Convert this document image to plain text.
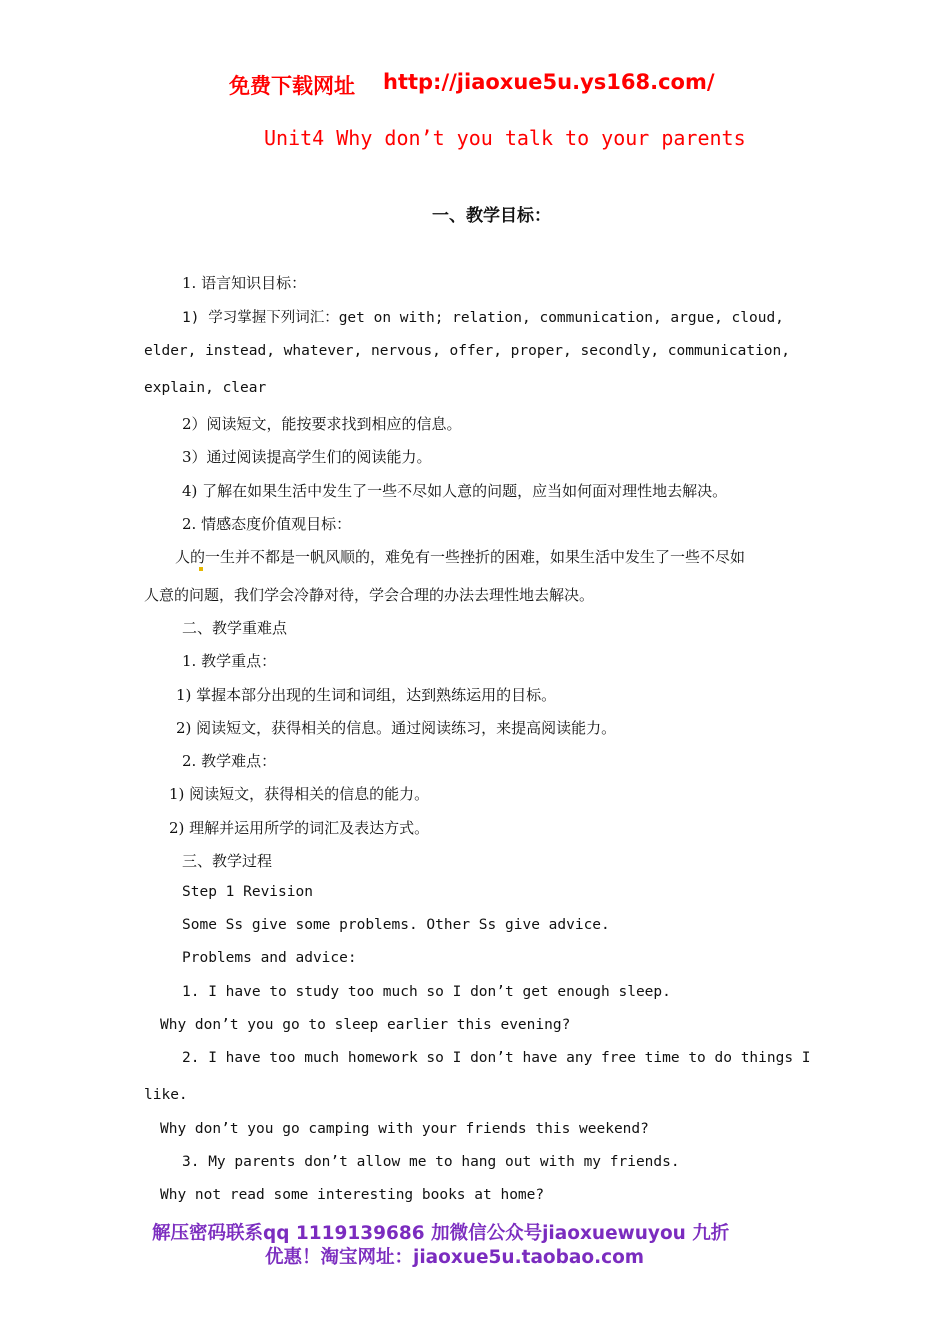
免费下载网址 http://jiaoxue5u.ys168.com/
Unit4 Why don’t you talk to your parents
一、教学目标：
1. 语言知识目标：
1) 学习掌握下列词汇：get on with; relation, communication, argue, cloud,
elder, instead, whatever, nervous, offer, proper, secondly, communication,
explain, clear
2）阅读短文，能按要求找到相应的信息。
3）通过阅读提高学生们的阅读能力。
4) 了解在如果生活中发生了一些不尽如人意的问题，应当如何面对理性地去解决。
2. 情感态度价值观目标：
人的一生并不都是一帆风顺的，难免有一些挫折的困难，如果生活中发生了一些不尽如
人意的问题，我们学会冷静对待，学会合理的办法去理性地去解决。
二、教学重难点
1. 教学重点：
1) 掌握本部分出现的生词和词组，达到熟练运用的目标。
2) 阅读短文，获得相关的信息。通过阅读练习，来提高阅读能力。
2. 教学难点：
1) 阅读短文，获得相关的信息的能力。
2) 理解并运用所学的词汇及表达方式。
三、教学过程
Step 1 Revision
Some Ss give some problems. Other Ss give advice.
Problems and advice:
1. I have to study too much so I don’t get enough sleep.
Why don’t you go to sleep earlier this evening?
2. I have too much homework so I don’t have any free time to do things I
like.
Why don’t you go camping with your friends this weekend?
3. My parents don’t allow me to hang out with my friends.
Why not read some interesting books at home?
解压密码联系qq 1119139686 加微信公众号jiaoxuewuyou 九折
优惠！淘宝网址：jiaoxue5u.taobao.com
